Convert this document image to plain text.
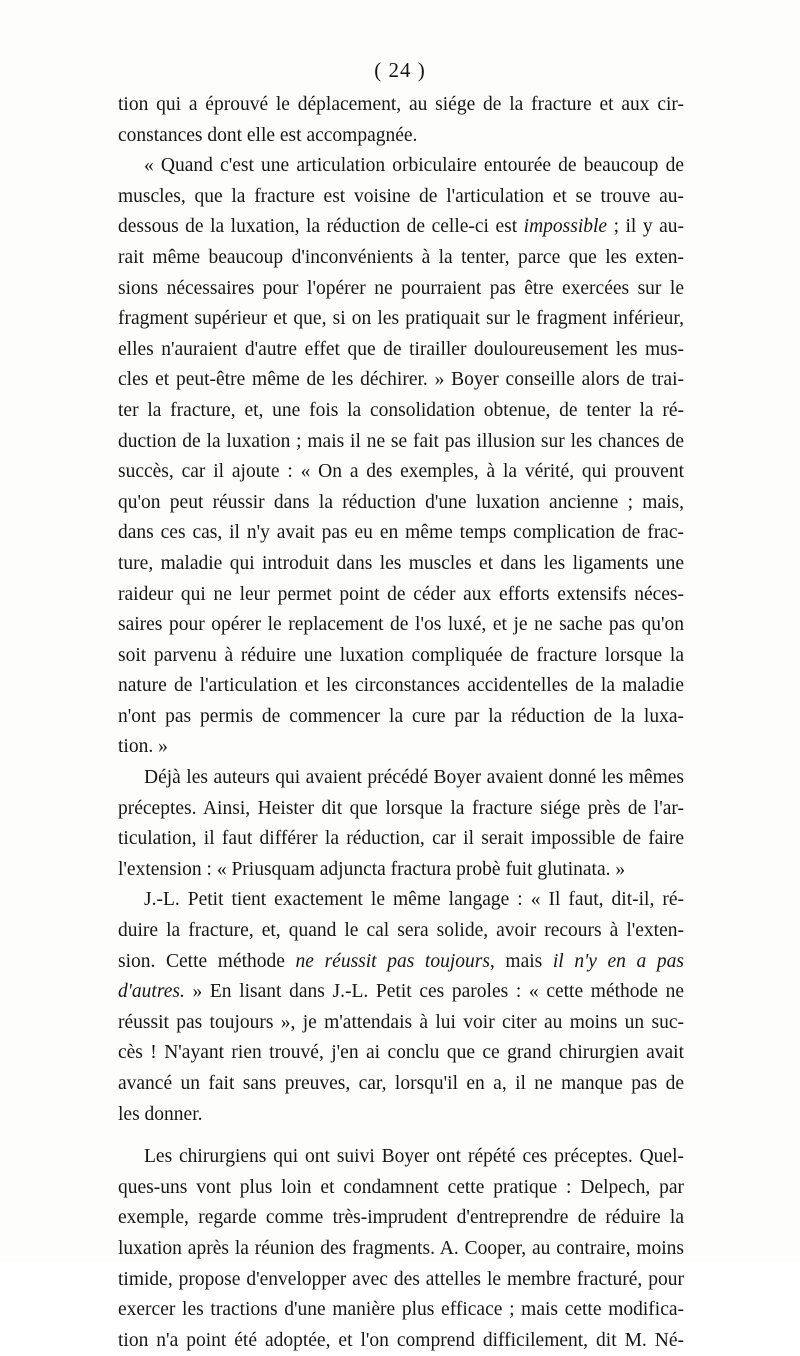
( 24 )
tion qui a éprouvé le déplacement, au siége de la fracture et aux cir-
constances dont elle est accompagnée.
« Quand c'est une articulation orbiculaire entourée de beaucoup de
muscles, que la fracture est voisine de l'articulation et se trouve au-
dessous de la luxation, la réduction de celle-ci est impossible ; il y au-
rait même beaucoup d'inconvénients à la tenter, parce que les exten-
sions nécessaires pour l'opérer ne pourraient pas être exercées sur le
fragment supérieur et que, si on les pratiquait sur le fragment inférieur,
elles n'auraient d'autre effet que de tirailler douloureusement les mus-
cles et peut-être même de les déchirer. » Boyer conseille alors de trai-
ter la fracture, et, une fois la consolidation obtenue, de tenter la ré-
duction de la luxation ; mais il ne se fait pas illusion sur les chances de
succès, car il ajoute : « On a des exemples, à la vérité, qui prouvent
qu'on peut réussir dans la réduction d'une luxation ancienne ; mais,
dans ces cas, il n'y avait pas eu en même temps complication de frac-
ture, maladie qui introduit dans les muscles et dans les ligaments une
raideur qui ne leur permet point de céder aux efforts extensifs néces-
saires pour opérer le replacement de l'os luxé, et je ne sache pas qu'on
soit parvenu à réduire une luxation compliquée de fracture lorsque la
nature de l'articulation et les circonstances accidentelles de la maladie
n'ont pas permis de commencer la cure par la réduction de la luxa-
tion. »
Déjà les auteurs qui avaient précédé Boyer avaient donné les mêmes
préceptes. Ainsi, Heister dit que lorsque la fracture siége près de l'ar-
ticulation, il faut différer la réduction, car il serait impossible de faire
l'extension : « Priusquam adjuncta fractura probè fuit glutinata. »
J.-L. Petit tient exactement le même langage : « Il faut, dit-il, ré-
duire la fracture, et, quand le cal sera solide, avoir recours à l'exten-
sion. Cette méthode ne réussit pas toujours, mais il n'y en a pas
d'autres. » En lisant dans J.-L. Petit ces paroles : « cette méthode ne
réussit pas toujours », je m'attendais à lui voir citer au moins un suc-
cès ! N'ayant rien trouvé, j'en ai conclu que ce grand chirurgien avait
avancé un fait sans preuves, car, lorsqu'il en a, il ne manque pas de
les donner.
Les chirurgiens qui ont suivi Boyer ont répété ces préceptes. Quel-
ques-uns vont plus loin et condamnent cette pratique : Delpech, par
exemple, regarde comme très-imprudent d'entreprendre de réduire la
luxation après la réunion des fragments. A. Cooper, au contraire, moins
timide, propose d'envelopper avec des attelles le membre fracturé, pour
exercer les tractions d'une manière plus efficace ; mais cette modifica-
tion n'a point été adoptée, et l'on comprend difficilement, dit M. Né-
